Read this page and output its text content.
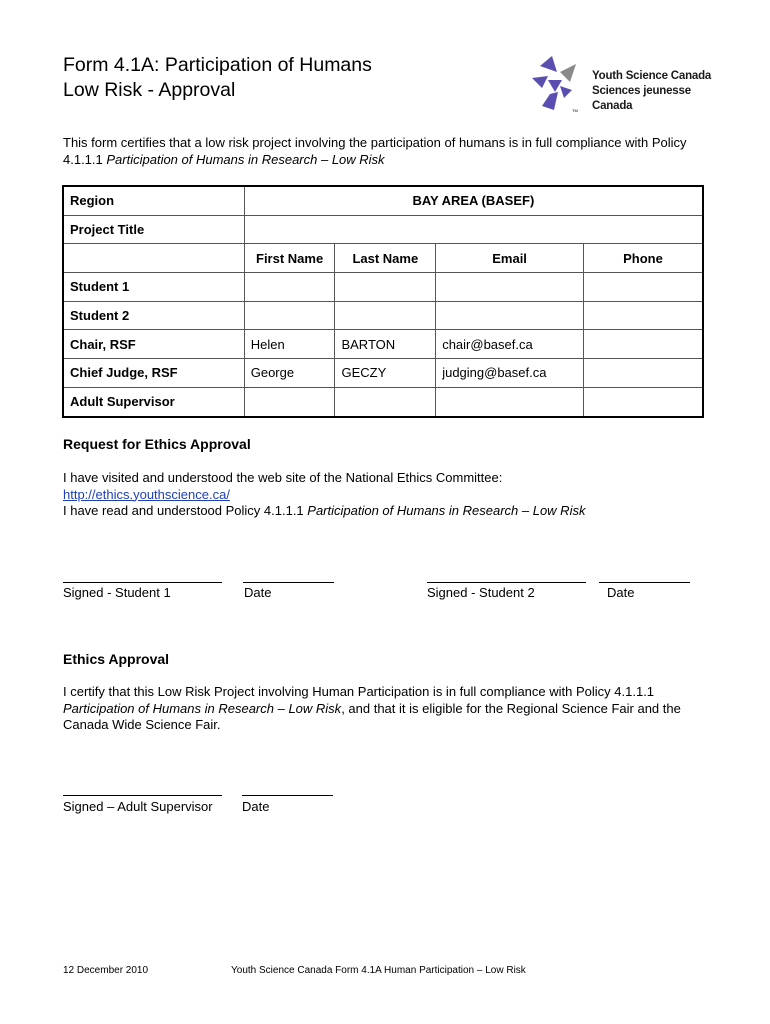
Form 4.1A: Participation of Humans
Low Risk - Approval
Youth Science Canada
Sciences jeunesse Canada
TM
This form certifies that a low risk project involving the participation of humans is in full compliance with Policy 4.1.1.1 Participation of Humans in Research – Low Risk
Region	BAY AREA (BASEF)			
Project Title				
	First Name	Last Name	Email	Phone
Student 1				
Student 2				
Chair, RSF	Helen	BARTON	chair@basef.ca	
Chief Judge, RSF	George	GECZY	judging@basef.ca	
Adult Supervisor				
Request for Ethics Approval
I have visited and understood the web site of the National Ethics Committee:
http://ethics.youthscience.ca/
I have read and understood Policy 4.1.1.1 Participation of Humans in Research – Low Risk
Signed - Student 1	Date	Signed - Student 2	Date
Ethics Approval
I certify that this Low Risk Project involving Human Participation is in full compliance with Policy 4.1.1.1 Participation of Humans in Research – Low Risk, and that it is eligible for the Regional Science Fair and the Canada Wide Science Fair.
Signed – Adult Supervisor Date
12 December 2010	Youth Science Canada Form 4.1A Human Participation – Low Risk
